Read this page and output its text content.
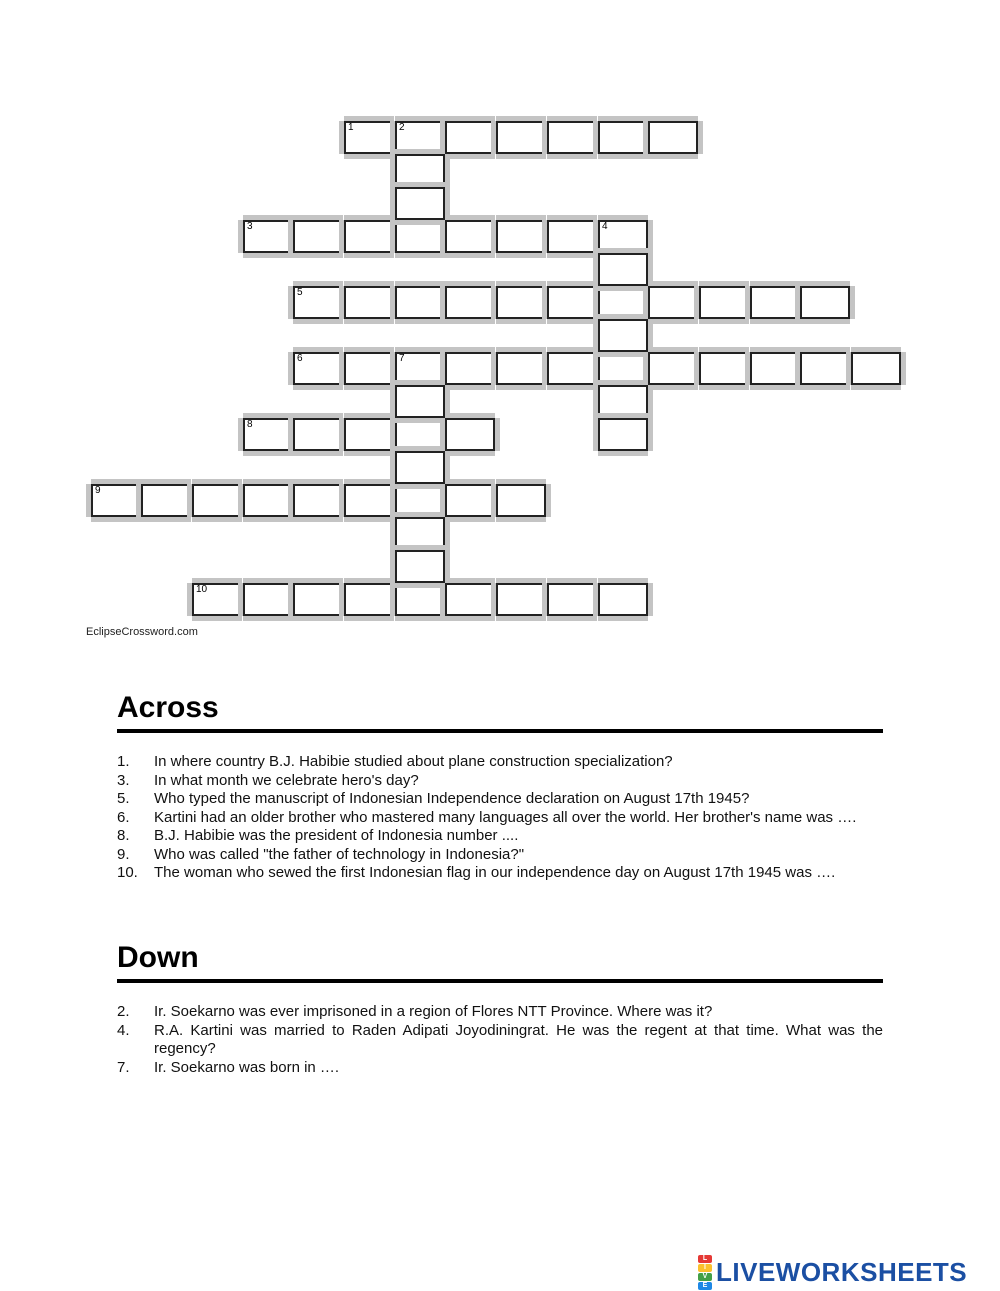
1	2
3	4
5
6	7
8
9
10
EclipseCrossword.com
Across
1. In where country B.J. Habibie studied about plane construction specialization?
3. In what month we celebrate hero's day?
5. Who typed the manuscript of Indonesian Independence declaration on August 17th 1945?
6. Kartini had an older brother who mastered many languages all over the world. Her brother's name was ….
8. B.J. Habibie was the president of Indonesia number ....
9. Who was called "the father of technology in Indonesia?"
10. The woman who sewed the first Indonesian flag in our independence day on August 17th 1945 was ….
Down
2. Ir. Soekarno was ever imprisoned in a region of Flores NTT Province. Where was it?
4. R.A. Kartini was married to Raden Adipati Joyodiningrat. He was the regent at that time. What was the regency?
7. Ir. Soekarno was born in ….
L
I
V
E LIVEWORKSHEETS
